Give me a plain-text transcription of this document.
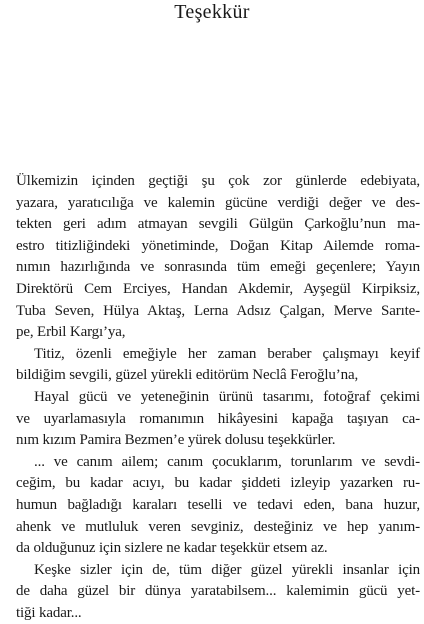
Teşekkür
Ülkemizin içinden geçtiği şu çok zor günlerde edebiyata,
yazara, yaratıcılığa ve kalemin gücüne verdiği değer ve des-
tekten geri adım atmayan sevgili Gülgün Çarkoğlu’nun ma-
estro titizliğindeki yönetiminde, Doğan Kitap Ailemde roma-
nımın hazırlığında ve sonrasında tüm emeği geçenlere; Yayın
Direktörü Cem Erciyes, Handan Akdemir, Ayşegül Kirpiksiz,
Tuba Seven, Hülya Aktaş, Lerna Adsız Çalgan, Merve Sarıte-
pe, Erbil Kargı’ya,
Titiz, özenli emeğiyle her zaman beraber çalışmayı keyif
bildiğim sevgili, güzel yürekli editörüm Neclâ Feroğlu’na,
Hayal gücü ve yeteneğinin ürünü tasarımı, fotoğraf çekimi
ve uyarlamasıyla romanımın hikâyesini kapağa taşıyan ca-
nım kızım Pamira Bezmen’e yürek dolusu teşekkürler.
... ve canım ailem; canım çocuklarım, torunlarım ve sevdi-
ceğim, bu kadar acıyı, bu kadar şiddeti izleyip yazarken ru-
humun bağladığı karaları teselli ve tedavi eden, bana huzur,
ahenk ve mutluluk veren sevginiz, desteğiniz ve hep yanım-
da olduğunuz için sizlere ne kadar teşekkür etsem az.
Keşke sizler için de, tüm diğer güzel yürekli insanlar için
de daha güzel bir dünya yaratabilsem... kalemimin gücü yet-
tiği kadar...
